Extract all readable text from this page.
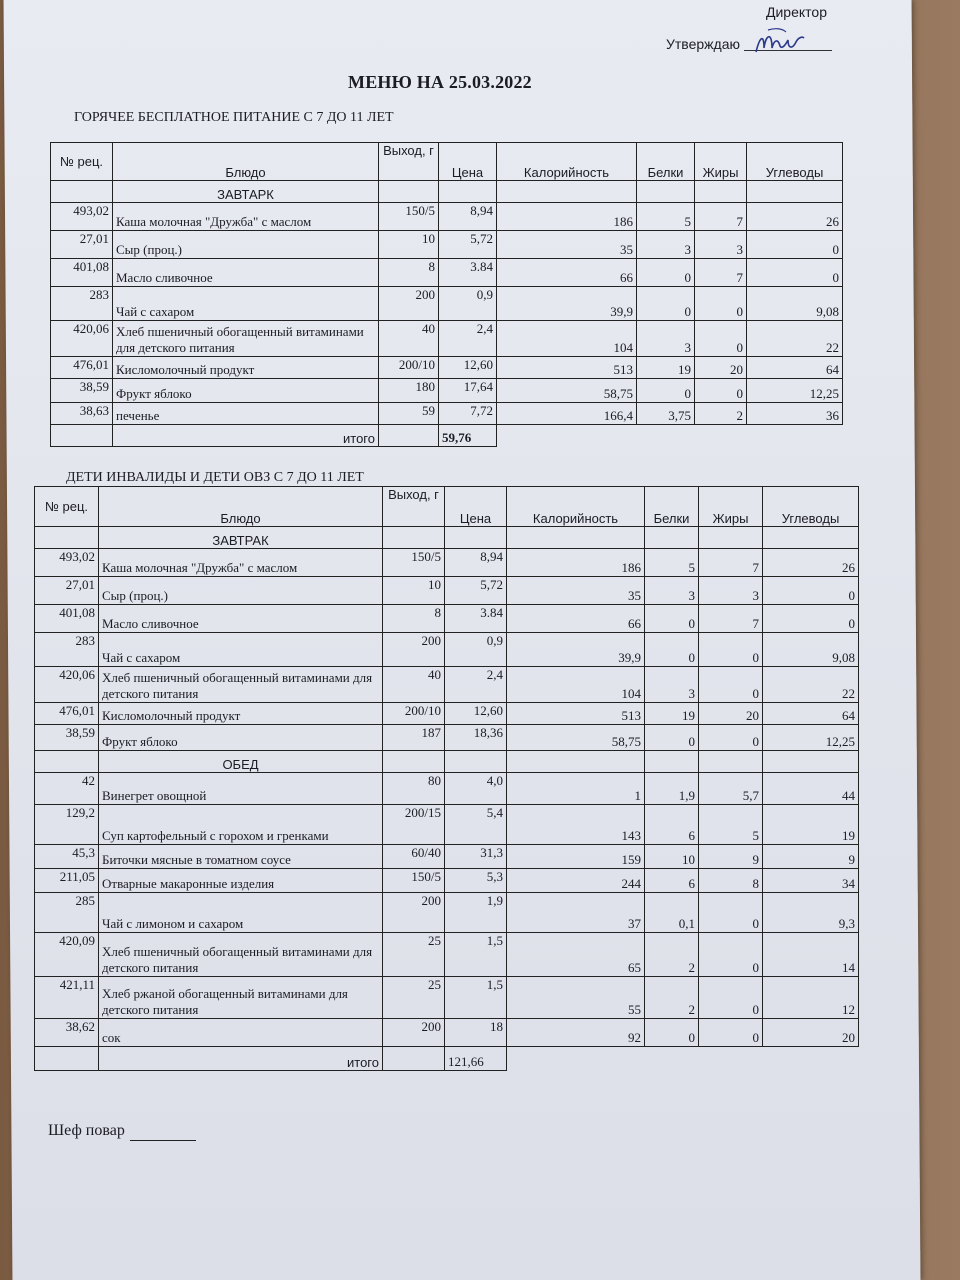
Директор
Утверждаю
МЕНЮ НА 25.03.2022
ГОРЯЧЕЕ БЕСПЛАТНОЕ ПИТАНИЕ С 7 ДО 11 ЛЕТ
№ рец.	Блюдо	Выход, г	Цена	Калорийность	Белки	Жиры	Углеводы
	ЗАВТАРК						
493,02	Каша молочная "Дружба" с маслом	150/5	8,94	186	5	7	26
27,01	Сыр (проц.)	10	5,72	35	3	3	0
401,08	Масло сливочное	8	3.84	66	0	7	0
283	Чай с сахаром	200	0,9	39,9	0	0	9,08
420,06	Хлеб пшеничный обогащенный витаминами для детского питания	40	2,4	104	3	0	22
476,01	Кисломолочный продукт	200/10	12,60	513	19	20	64
38,59	Фрукт яблоко	180	17,64	58,75	0	0	12,25
38,63	печенье	59	7,72	166,4	3,75	2	36
	итого		59,76				
ДЕТИ ИНВАЛИДЫ И ДЕТИ ОВЗ С 7 ДО 11 ЛЕТ
№ рец.	Блюдо	Выход, г	Цена	Калорийность	Белки	Жиры	Углеводы
	ЗАВТРАК						
493,02	Каша молочная "Дружба" с маслом	150/5	8,94	186	5	7	26
27,01	Сыр (проц.)	10	5,72	35	3	3	0
401,08	Масло сливочное	8	3.84	66	0	7	0
283	Чай с сахаром	200	0,9	39,9	0	0	9,08
420,06	Хлеб пшеничный обогащенный витаминами для детского питания	40	2,4	104	3	0	22
476,01	Кисломолочный продукт	200/10	12,60	513	19	20	64
38,59	Фрукт яблоко	187	18,36	58,75	0	0	12,25
	ОБЕД						
42	Винегрет овощной	80	4,0	1	1,9	5,7	44
129,2	Суп картофельный с горохом и гренками	200/15	5,4	143	6	5	19
45,3	Биточки мясные в томатном соусе	60/40	31,3	159	10	9	9
211,05	Отварные макаронные изделия	150/5	5,3	244	6	8	34
285	Чай с лимоном и сахаром	200	1,9	37	0,1	0	9,3
420,09	Хлеб пшеничный обогащенный витаминами для детского питания	25	1,5	65	2	0	14
421,11	Хлеб ржаной обогащенный витаминами для детского питания	25	1,5	55	2	0	12
38,62	сок	200	18	92	0	0	20
	итого		121,66				
Шеф повар
